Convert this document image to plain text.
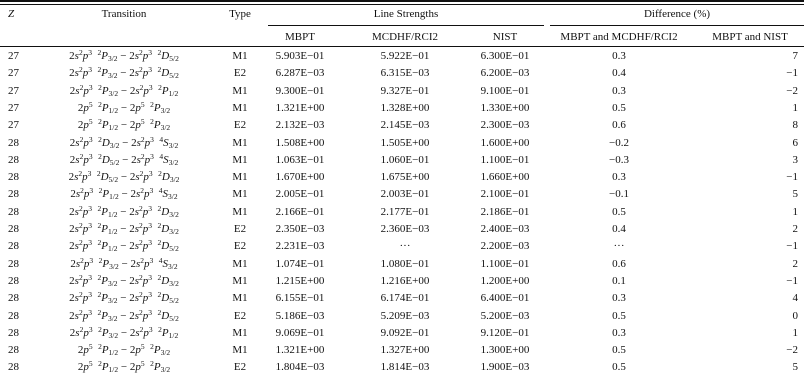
Z	Transition	Type	Line Strengths	Difference (%)
MBPT	MCDHF/RCI2	NIST	MBPT and MCDHF/RCI2	MBPT and NIST
27	$2s^2p^3$ $^2P_{3/2} - 2s^2p^3$ $^2D_{5/2}$	M1	5.903E−01	5.922E−01	6.300E−01	0.3	7
27	$2s^2p^3$ $^2P_{3/2} - 2s^2p^3$ $^2D_{5/2}$	E2	6.287E−03	6.315E−03	6.200E−03	0.4	−1
27	$2s^2p^3$ $^2P_{3/2} - 2s^2p^3$ $^2P_{1/2}$	M1	9.300E−01	9.327E−01	9.100E−01	0.3	−2
27	$2p^5$ $^2P_{1/2} - 2p^5$ $^2P_{3/2}$	M1	1.321E+00	1.328E+00	1.330E+00	0.5	1
27	$2p^5$ $^2P_{1/2} - 2p^5$ $^2P_{3/2}$	E2	2.132E−03	2.145E−03	2.300E−03	0.6	8
28	$2s^2p^3$ $^2D_{3/2} - 2s^2p^3$ $^4S_{3/2}$	M1	1.508E+00	1.505E+00	1.600E+00	−0.2	6
28	$2s^2p^3$ $^2D_{5/2} - 2s^2p^3$ $^4S_{3/2}$	M1	1.063E−01	1.060E−01	1.100E−01	−0.3	3
28	$2s^2p^3$ $^2D_{5/2} - 2s^2p^3$ $^2D_{3/2}$	M1	1.670E+00	1.675E+00	1.660E+00	0.3	−1
28	$2s^2p^3$ $^2P_{1/2} - 2s^2p^3$ $^4S_{3/2}$	M1	2.005E−01	2.003E−01	2.100E−01	−0.1	5
28	$2s^2p^3$ $^2P_{1/2} - 2s^2p^3$ $^2D_{3/2}$	M1	2.166E−01	2.177E−01	2.186E−01	0.5	1
28	$2s^2p^3$ $^2P_{1/2} - 2s^2p^3$ $^2D_{3/2}$	E2	2.350E−03	2.360E−03	2.400E−03	0.4	2
28	$2s^2p^3$ $^2P_{1/2} - 2s^2p^3$ $^2D_{5/2}$	E2	2.231E−03	···	2.200E−03	···	−1
28	$2s^2p^3$ $^2P_{3/2} - 2s^2p^3$ $^4S_{3/2}$	M1	1.074E−01	1.080E−01	1.100E−01	0.6	2
28	$2s^2p^3$ $^2P_{3/2} - 2s^2p^3$ $^2D_{3/2}$	M1	1.215E+00	1.216E+00	1.200E+00	0.1	−1
28	$2s^2p^3$ $^2P_{3/2} - 2s^2p^3$ $^2D_{5/2}$	M1	6.155E−01	6.174E−01	6.400E−01	0.3	4
28	$2s^2p^3$ $^2P_{3/2} - 2s^2p^3$ $^2D_{5/2}$	E2	5.186E−03	5.209E−03	5.200E−03	0.5	0
28	$2s^2p^3$ $^2P_{3/2} - 2s^2p^3$ $^2P_{1/2}$	M1	9.069E−01	9.092E−01	9.120E−01	0.3	1
28	$2p^5$ $^2P_{1/2} - 2p^5$ $^2P_{3/2}$	M1	1.321E+00	1.327E+00	1.300E+00	0.5	−2
28	$2p^5$ $^2P_{1/2} - 2p^5$ $^2P_{3/2}$	E2	1.804E−03	1.814E−03	1.900E−03	0.5	5
